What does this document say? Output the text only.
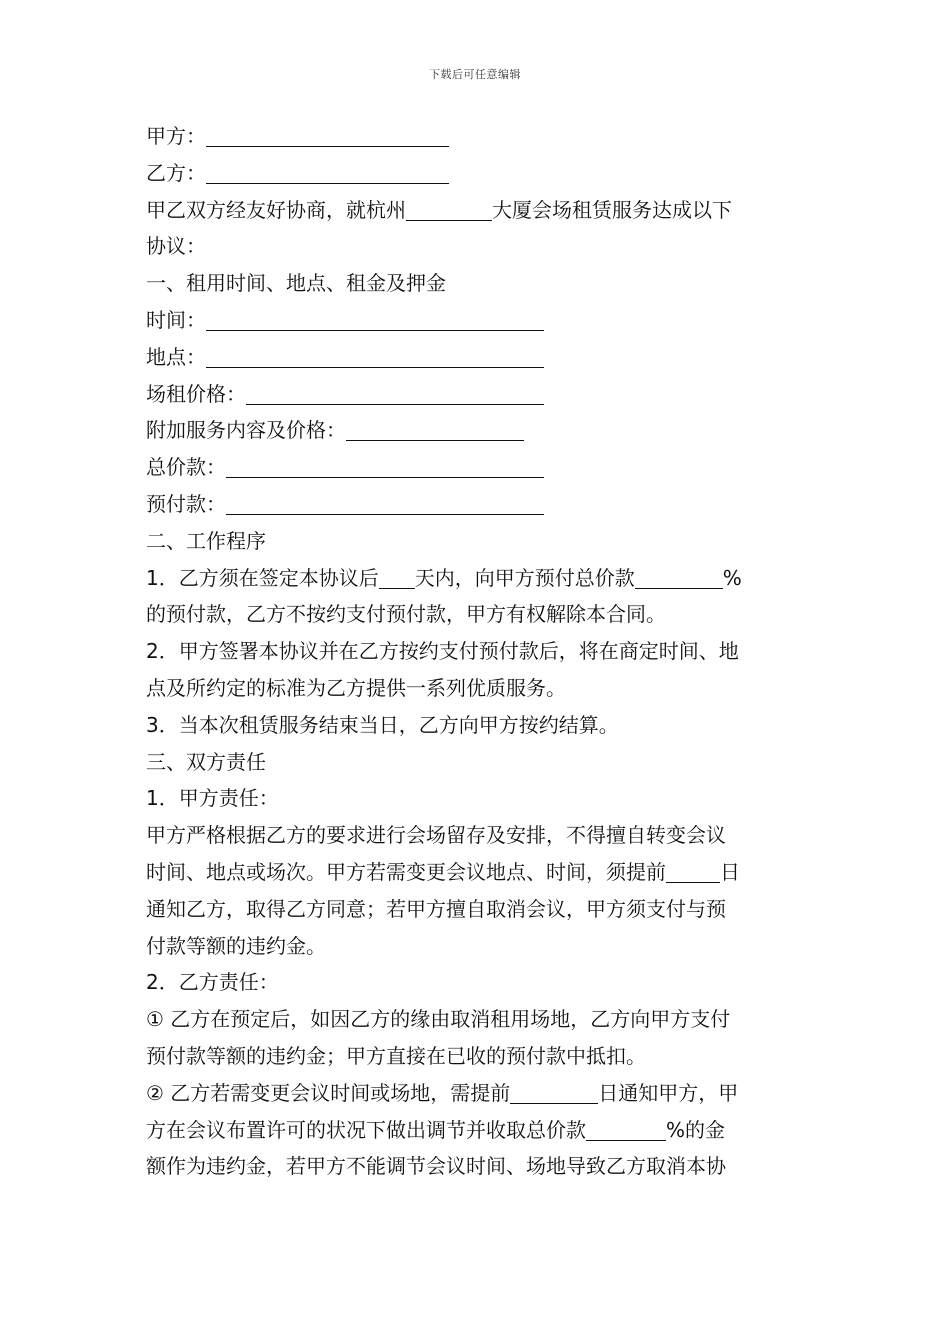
下载后可任意编辑
甲方：
乙方：
甲乙双方经友好协商，就杭州	大厦会场租赁服务达成以下
协议：
一、租用时间、地点、租金及押金
时间：
地点：
场租价格：
附加服务内容及价格：
总价款：
预付款：
二、工作程序
1．乙方须在签定本协议后 天内，向甲方预付总价款	%
的预付款，乙方不按约支付预付款，甲方有权解除本合同。
2．甲方签署本协议并在乙方按约支付预付款后，将在商定时间、地
点及所约定的标准为乙方提供一系列优质服务。
3．当本次租赁服务结束当日，乙方向甲方按约结算。
三、双方责任
1．甲方责任：
甲方严格根据乙方的要求进行会场留存及安排，不得擅自转变会议
时间、地点或场次。甲方若需变更会议地点、时间，须提前	日
通知乙方，取得乙方同意；若甲方擅自取消会议，甲方须支付与预
付款等额的违约金。
2．乙方责任：
① 乙方在预定后，如因乙方的缘由取消租用场地，乙方向甲方支付
预付款等额的违约金；甲方直接在已收的预付款中抵扣。
② 乙方若需变更会议时间或场地，需提前	日通知甲方，甲
方在会议布置许可的状况下做出调节并收取总价款	%的金
额作为违约金，若甲方不能调节会议时间、场地导致乙方取消本协
